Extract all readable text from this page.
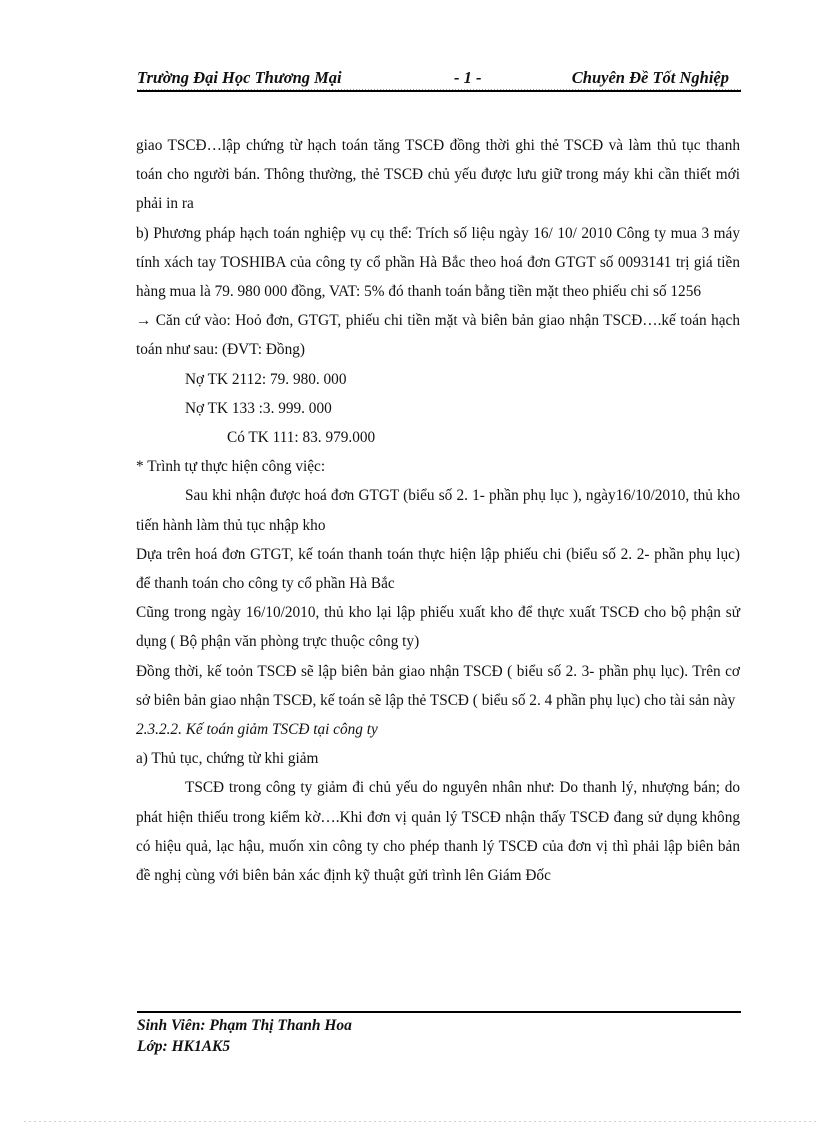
Trường Đại Học Thương Mại	- 1 -	Chuyên Đề Tốt Nghiệp

giao TSCĐ…lập chứng từ hạch toán tăng TSCĐ đồng thời ghi thẻ TSCĐ và làm thủ tục thanh toán cho người bán. Thông thường, thẻ TSCĐ chủ yếu được lưu giữ trong máy khi cần thiết mới phải in ra

b) Phương pháp hạch toán nghiệp vụ cụ thể: Trích số liệu ngày 16/ 10/ 2010 Công ty mua 3 máy tính xách tay TOSHIBA của công ty cổ phần Hà Bắc theo hoá đơn GTGT số 0093141 trị giá tiền hàng mua là 79. 980 000 đồng, VAT: 5% đó thanh toán bằng tiền mặt theo phiếu chi số 1256

→ Căn cứ vào: Hoỏ đơn, GTGT, phiếu chi tiền mặt và biên bản giao nhận TSCĐ….kế toán hạch toán như sau: (ĐVT: Đồng)

Nợ TK 2112: 79. 980. 000

Nợ TK 133 :3. 999. 000

Có TK 111: 83. 979.000

* Trình tự thực hiện công việc:

Sau khi nhận được hoá đơn GTGT (biểu số 2. 1- phần phụ lục ), ngày16/10/2010, thủ kho tiến hành làm thủ tục nhập kho

Dựa trên hoá đơn GTGT, kế toán thanh toán thực hiện lập phiếu chi (biểu số 2. 2- phần phụ lục) để thanh toán cho công ty cổ phần Hà Bắc

Cũng trong ngày 16/10/2010, thủ kho lại lập phiếu xuất kho để thực xuất TSCĐ cho bộ phận sử dụng ( Bộ phận văn phòng trực thuộc công ty)

Đồng thời, kế toỏn TSCĐ sẽ lập biên bản giao nhận TSCĐ ( biểu số 2. 3- phần phụ lục). Trên cơ sở biên bản giao nhận TSCĐ, kế toán sẽ lập thẻ TSCĐ ( biểu số 2. 4 phần phụ lục) cho tài sản này

2.3.2.2. Kế toán giảm TSCĐ tại công ty

a) Thủ tục, chứng từ khi giảm

TSCĐ trong công ty giảm đi chủ yếu do nguyên nhân như: Do thanh lý, nhượng bán; do phát hiện thiếu trong kiểm kờ….Khi đơn vị quản lý TSCĐ nhận thấy TSCĐ đang sử dụng không có hiệu quả, lạc hậu, muốn xin công ty cho phép thanh lý TSCĐ của đơn vị thì phải lập biên bản đề nghị cùng với biên bản xác định kỹ thuật gửi trình lên Giám Đốc

Sinh Viên: Phạm Thị Thanh Hoa
Lớp: HK1AK5
